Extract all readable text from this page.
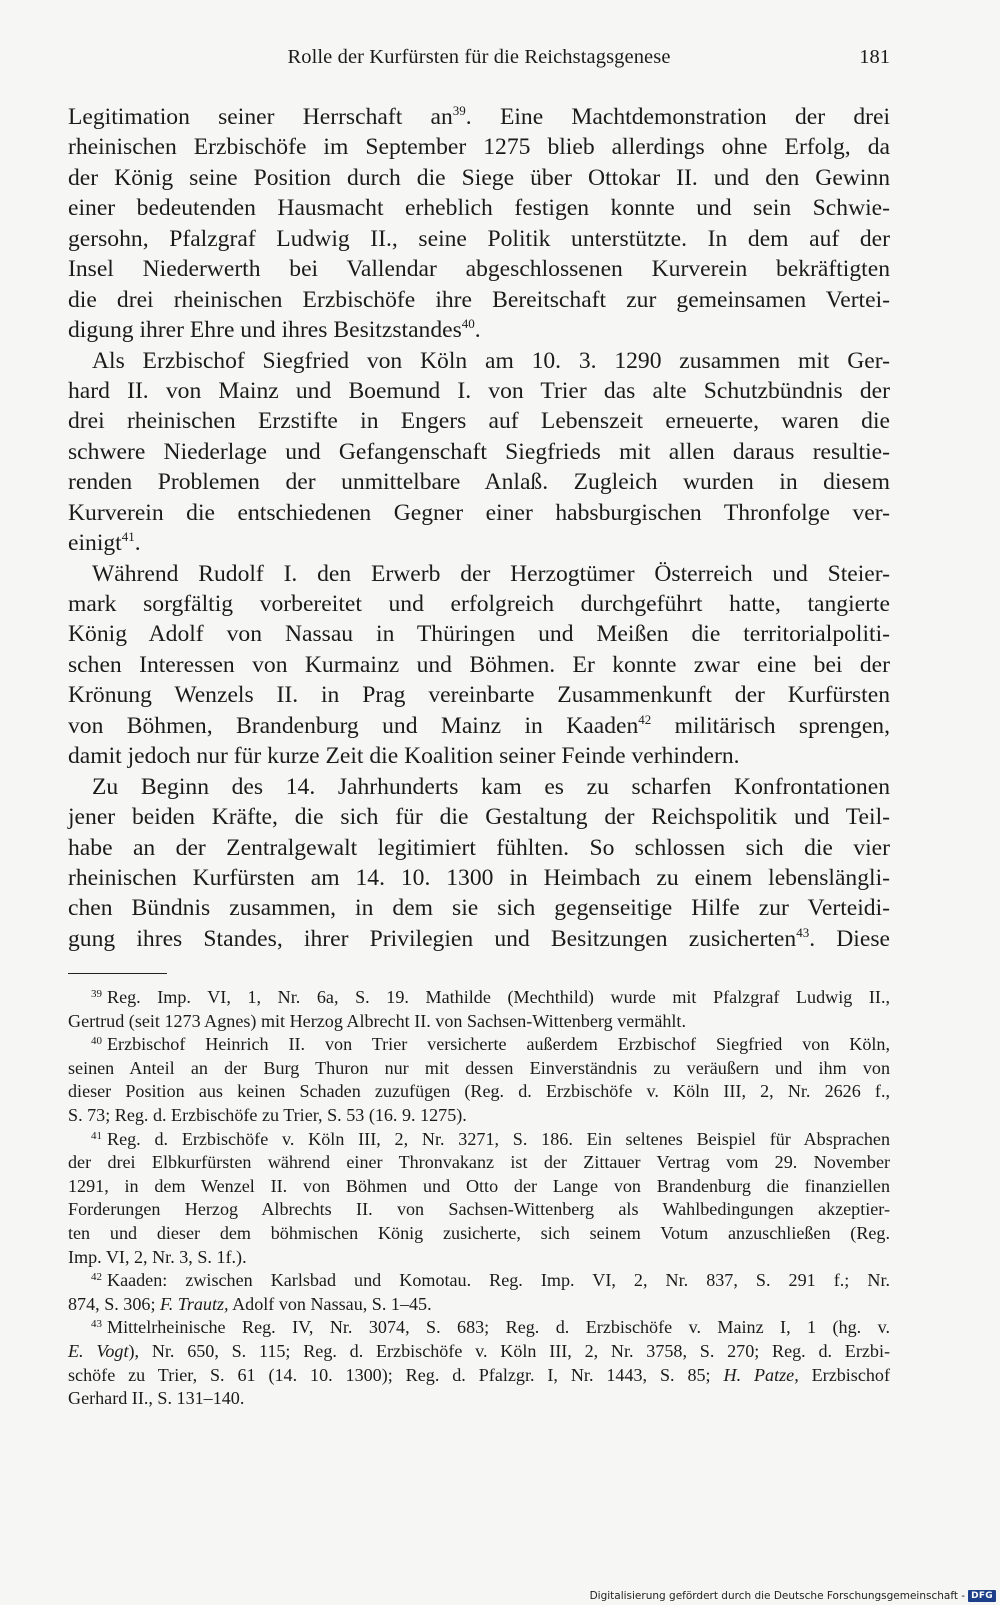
Rolle der Kurfürsten für die Reichstagsgenese	181
Legitimation seiner Herrschaft $an^{39}$. Eine Machtdemonstration der drei
rheinischen Erzbischöfe im September 1275 blieb allerdings ohne Erfolg, da
der König seine Position durch die Siege über Ottokar II. und den Gewinn
einer bedeutenden Hausmacht erheblich festigen konnte und sein Schwie-
gersohn, Pfalzgraf Ludwig II., seine Politik unterstützte. In dem auf der
Insel Niederwerth bei Vallendar abgeschlossenen Kurverein bekräftigten
die drei rheinischen Erzbischöfe ihre Bereitschaft zur gemeinsamen Vertei-
digung ihrer Ehre und ihres Besitzstandes$^{40}$.
Als Erzbischof Siegfried von Köln am 10. 3. 1290 zusammen mit Ger-
hard II. von Mainz und Boemund I. von Trier das alte Schutzbündnis der
drei rheinischen Erzstifte in Engers auf Lebenszeit erneuerte, waren die
schwere Niederlage und Gefangenschaft Siegfrieds mit allen daraus resultie-
renden Problemen der unmittelbare Anlaß. Zugleich wurden in diesem
Kurverein die entschiedenen Gegner einer habsburgischen Thronfolge ver-
einigt$^{41}$.
Während Rudolf I. den Erwerb der Herzogtümer Österreich und Steier-
mark sorgfältig vorbereitet und erfolgreich durchgeführt hatte, tangierte
König Adolf von Nassau in Thüringen und Meißen die territorialpoliti-
schen Interessen von Kurmainz und Böhmen. Er konnte zwar eine bei der
Krönung Wenzels II. in Prag vereinbarte Zusammenkunft der Kurfürsten
von Böhmen, Brandenburg und Mainz in Kaaden$^{42}$ militärisch sprengen,
damit jedoch nur für kurze Zeit die Koalition seiner Feinde verhindern.
Zu Beginn des 14. Jahrhunderts kam es zu scharfen Konfrontationen
jener beiden Kräfte, die sich für die Gestaltung der Reichspolitik und Teil-
habe an der Zentralgewalt legitimiert fühlten. So schlossen sich die vier
rheinischen Kurfürsten am 14. 10. 1300 in Heimbach zu einem lebenslängli-
chen Bündnis zusammen, in dem sie sich gegenseitige Hilfe zur Verteidi-
gung ihres Standes, ihrer Privilegien und Besitzungen zusicherten$^{43}$. Diese
$^{39}$ Reg. Imp. VI, 1, Nr. 6a, S. 19. Mathilde (Mechthild) wurde mit Pfalzgraf Ludwig II.,
Gertrud (seit 1273 Agnes) mit Herzog Albrecht II. von Sachsen-Wittenberg vermählt.
$^{40}$ Erzbischof Heinrich II. von Trier versicherte außerdem Erzbischof Siegfried von Köln,
seinen Anteil an der Burg Thuron nur mit dessen Einverständnis zu veräußern und ihm von
dieser Position aus keinen Schaden zuzufügen (Reg. d. Erzbischöfe v. Köln III, 2, Nr. 2626 f.,
S. 73; Reg. d. Erzbischöfe zu Trier, S. 53 (16. 9. 1275).
$^{41}$ Reg. d. Erzbischöfe v. Köln III, 2, Nr. 3271, S. 186. Ein seltenes Beispiel für Absprachen
der drei Elbkurfürsten während einer Thronvakanz ist der Zittauer Vertrag vom 29. November
1291, in dem Wenzel II. von Böhmen und Otto der Lange von Brandenburg die finanziellen
Forderungen Herzog Albrechts II. von Sachsen-Wittenberg als Wahlbedingungen akzeptier-
ten und dieser dem böhmischen König zusicherte, sich seinem Votum anzuschließen (Reg.
Imp. VI, 2, Nr. 3, S. 1f.).
$^{42}$ Kaaden: zwischen Karlsbad und Komotau. Reg. Imp. VI, 2, Nr. 837, S. 291 f.; Nr.
874, S. 306; F. Trautz, Adolf von Nassau, S. 1–45.
$^{43}$ Mittelrheinische Reg. IV, Nr. 3074, S. 683; Reg. d. Erzbischöfe v. Mainz I, 1 (hg. v.
E. Vogt), Nr. 650, S. 115; Reg. d. Erzbischöfe v. Köln III, 2, Nr. 3758, S. 270; Reg. d. Erzbi-
schöfe zu Trier, S. 61 (14. 10. 1300); Reg. d. Pfalzgr. I, Nr. 1443, S. 85; H. Patze, Erzbischof
Gerhard II., S. 131–140.
Digitalisierung gefördert durch die Deutsche Forschungsgemeinschaft - DFG
